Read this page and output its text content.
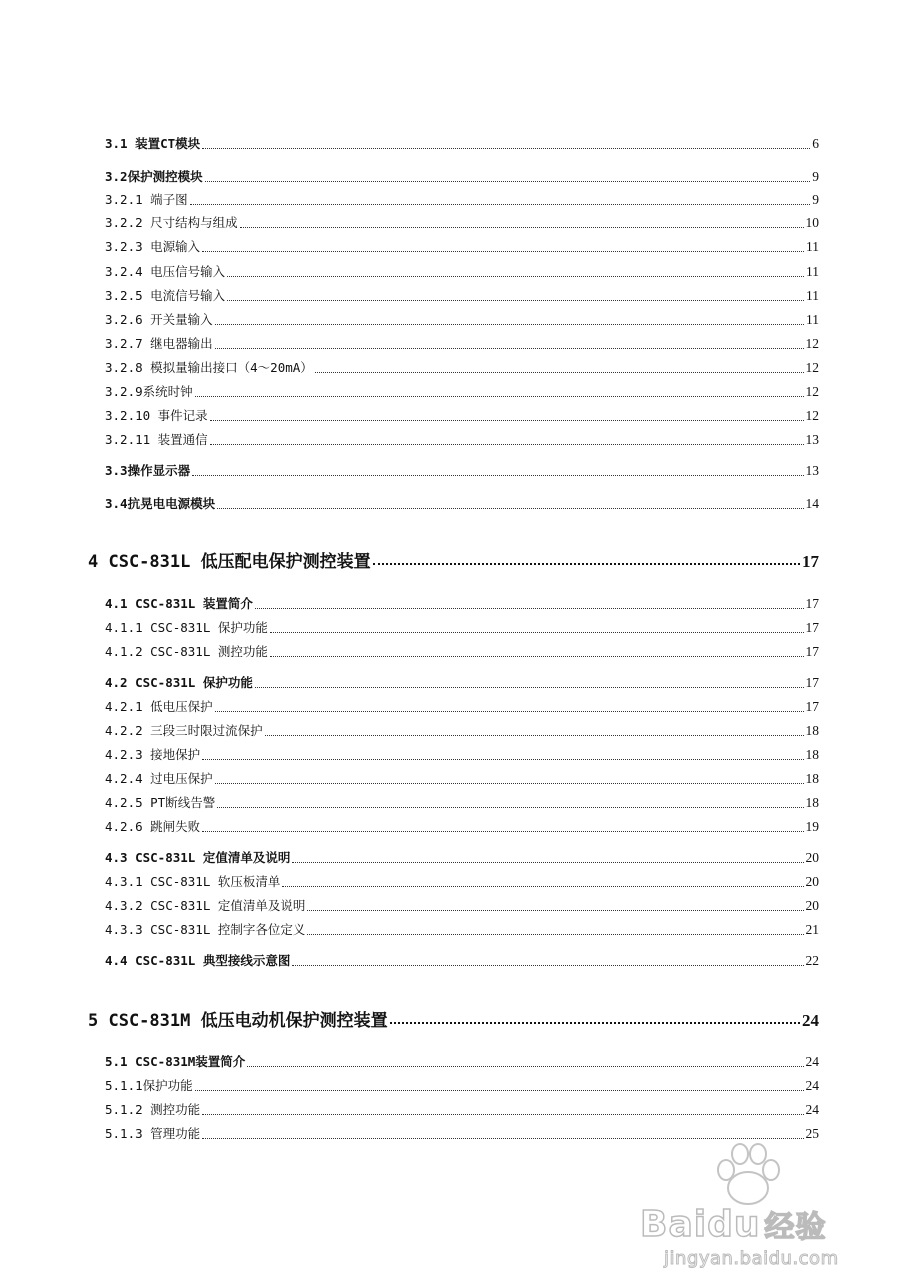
3.1 装置CT模块	6
3.2保护测控模块	9
3.2.1 端子图	9
3.2.2 尺寸结构与组成	10
3.2.3 电源输入	11
3.2.4 电压信号输入	11
3.2.5 电流信号输入	11
3.2.6 开关量输入	11
3.2.7 继电器输出	12
3.2.8 模拟量输出接口（4～20mA）	12
3.2.9系统时钟	12
3.2.10 事件记录	12
3.2.11 装置通信	13
3.3操作显示器	13
3.4抗晃电电源模块	14
4 CSC-831L 低压配电保护测控装置	17
4.1 CSC-831L 装置简介	17
4.1.1 CSC-831L 保护功能	17
4.1.2 CSC-831L 测控功能	17
4.2 CSC-831L 保护功能	17
4.2.1 低电压保护	17
4.2.2 三段三时限过流保护	18
4.2.3 接地保护	18
4.2.4 过电压保护	18
4.2.5 PT断线告警	18
4.2.6 跳闸失败	19
4.3 CSC-831L 定值清单及说明	20
4.3.1 CSC-831L 软压板清单	20
4.3.2 CSC-831L 定值清单及说明	20
4.3.3 CSC-831L 控制字各位定义	21
4.4 CSC-831L 典型接线示意图	22
5 CSC-831M 低压电动机保护测控装置	24
5.1 CSC-831M装置简介	24
5.1.1保护功能	24
5.1.2 测控功能	24
5.1.3 管理功能	25
Baidu 经验
jingyan.baidu.com
